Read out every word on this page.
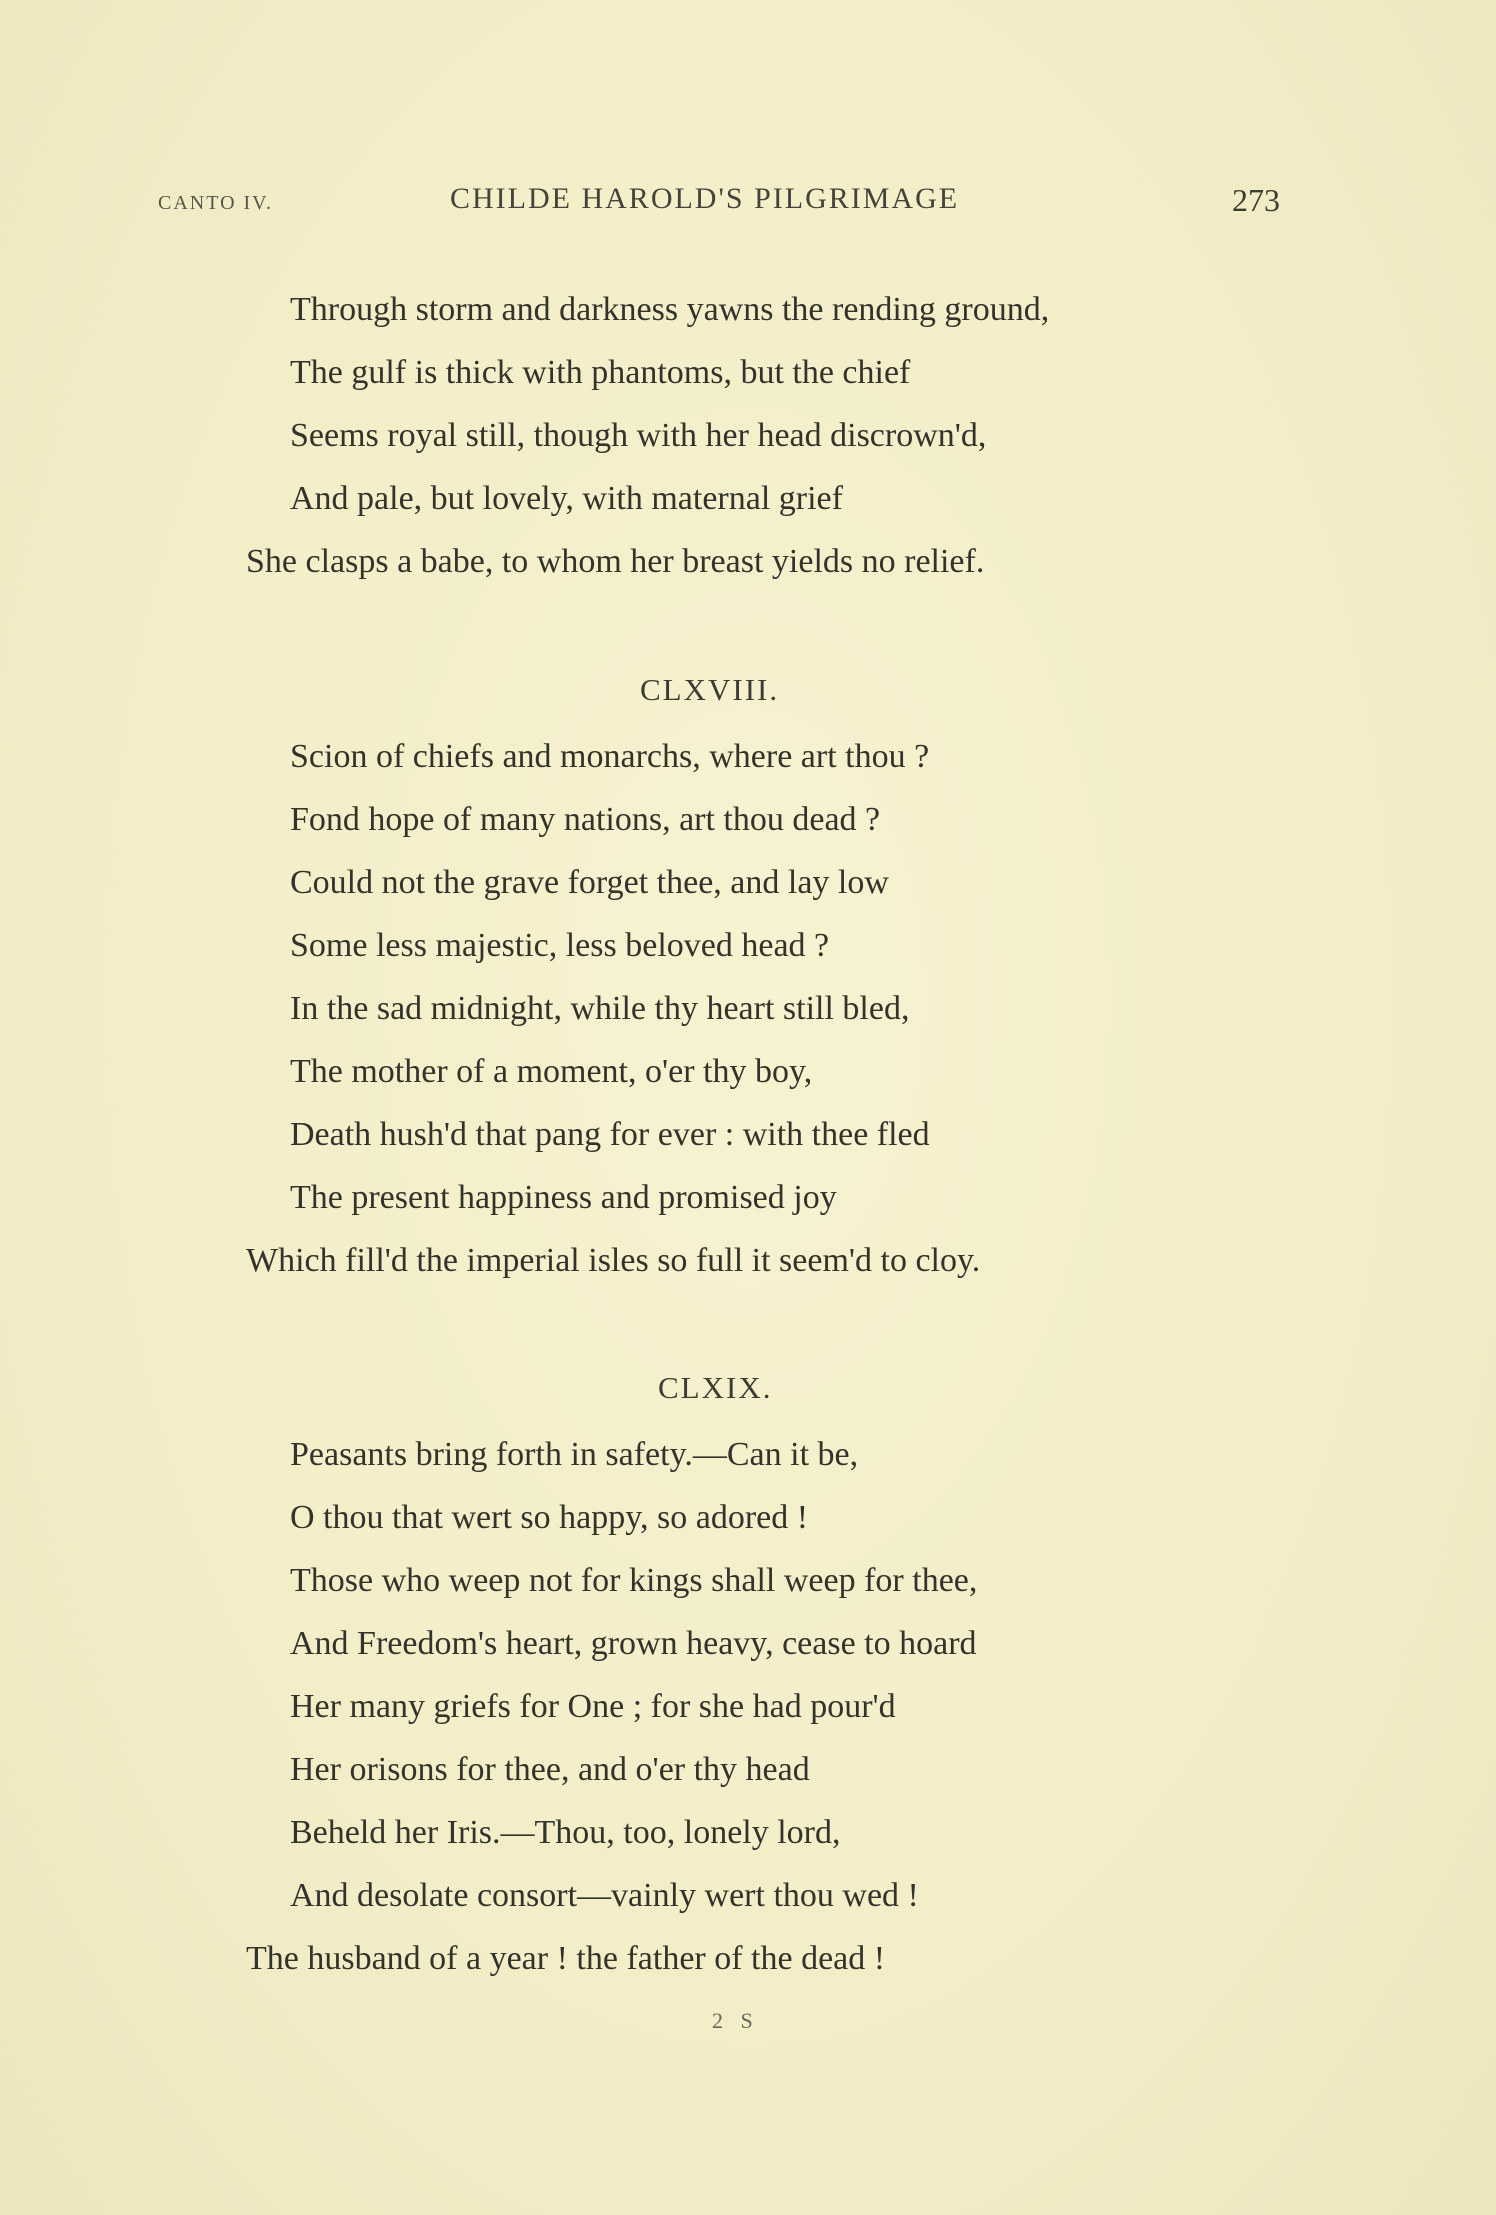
CANTO IV.	CHILDE HAROLD'S PILGRIMAGE	273
Through storm and darkness yawns the rending ground,
The gulf is thick with phantoms, but the chief
Seems royal still, though with her head discrown'd,
And pale, but lovely, with maternal grief
She clasps a babe, to whom her breast yields no relief.
CLXVIII.
Scion of chiefs and monarchs, where art thou ?
Fond hope of many nations, art thou dead ?
Could not the grave forget thee, and lay low
Some less majestic, less beloved head ?
In the sad midnight, while thy heart still bled,
The mother of a moment, o'er thy boy,
Death hush'd that pang for ever : with thee fled
The present happiness and promised joy
Which fill'd the imperial isles so full it seem'd to cloy.
CLXIX.
Peasants bring forth in safety.—Can it be,
O thou that wert so happy, so adored !
Those who weep not for kings shall weep for thee,
And Freedom's heart, grown heavy, cease to hoard
Her many griefs for One ; for she had pour'd
Her orisons for thee, and o'er thy head
Beheld her Iris.—Thou, too, lonely lord,
And desolate consort—vainly wert thou wed !
The husband of a year ! the father of the dead !
2 S
